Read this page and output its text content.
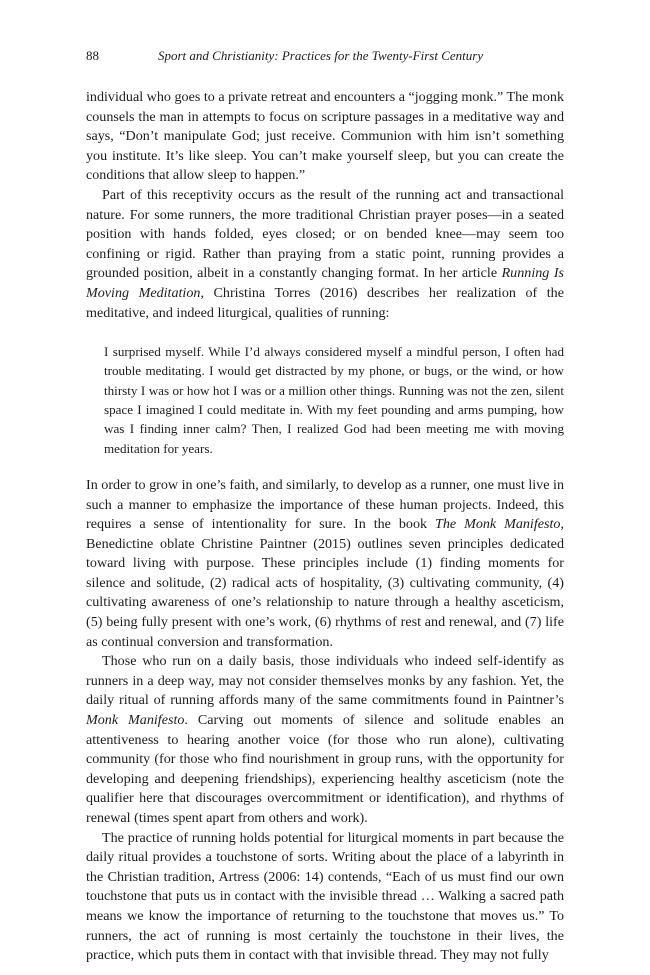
88	Sport and Christianity: Practices for the Twenty-First Century

individual who goes to a private retreat and encounters a “jogging monk.” The monk counsels the man in attempts to focus on scripture passages in a meditative way and says, “Don’t manipulate God; just receive. Communion with him isn’t something you institute. It’s like sleep. You can’t make yourself sleep, but you can create the conditions that allow sleep to happen.”

Part of this receptivity occurs as the result of the running act and transactional nature. For some runners, the more traditional Christian prayer poses—in a seated position with hands folded, eyes closed; or on bended knee—may seem too confining or rigid. Rather than praying from a static point, running provides a grounded position, albeit in a constantly changing format. In her article Running Is Moving Meditation, Christina Torres (2016) describes her realization of the meditative, and indeed liturgical, qualities of running:

I surprised myself. While I’d always considered myself a mindful person, I often had trouble meditating. I would get distracted by my phone, or bugs, or the wind, or how thirsty I was or how hot I was or a million other things. Running was not the zen, silent space I imagined I could meditate in. With my feet pounding and arms pumping, how was I finding inner calm? Then, I realized God had been meeting me with moving meditation for years.

In order to grow in one’s faith, and similarly, to develop as a runner, one must live in such a manner to emphasize the importance of these human projects. Indeed, this requires a sense of intentionality for sure. In the book The Monk Manifesto, Benedictine oblate Christine Paintner (2015) outlines seven principles dedicated toward living with purpose. These principles include (1) finding moments for silence and solitude, (2) radical acts of hospitality, (3) cultivating community, (4) cultivating awareness of one’s relationship to nature through a healthy asceticism, (5) being fully present with one’s work, (6) rhythms of rest and renewal, and (7) life as continual conversion and transformation.

Those who run on a daily basis, those individuals who indeed self-identify as runners in a deep way, may not consider themselves monks by any fashion. Yet, the daily ritual of running affords many of the same commitments found in Paintner’s Monk Manifesto. Carving out moments of silence and solitude enables an attentiveness to hearing another voice (for those who run alone), cultivating community (for those who find nourishment in group runs, with the opportunity for developing and deepening friendships), experiencing healthy asceticism (note the qualifier here that discourages overcommitment or identification), and rhythms of renewal (times spent apart from others and work).

The practice of running holds potential for liturgical moments in part because the daily ritual provides a touchstone of sorts. Writing about the place of a labyrinth in the Christian tradition, Artress (2006: 14) contends, “Each of us must find our own touchstone that puts us in contact with the invisible thread … Walking a sacred path means we know the importance of returning to the touchstone that moves us.” To runners, the act of running is most certainly the touchstone in their lives, the practice, which puts them in contact with that invisible thread. They may not fully
